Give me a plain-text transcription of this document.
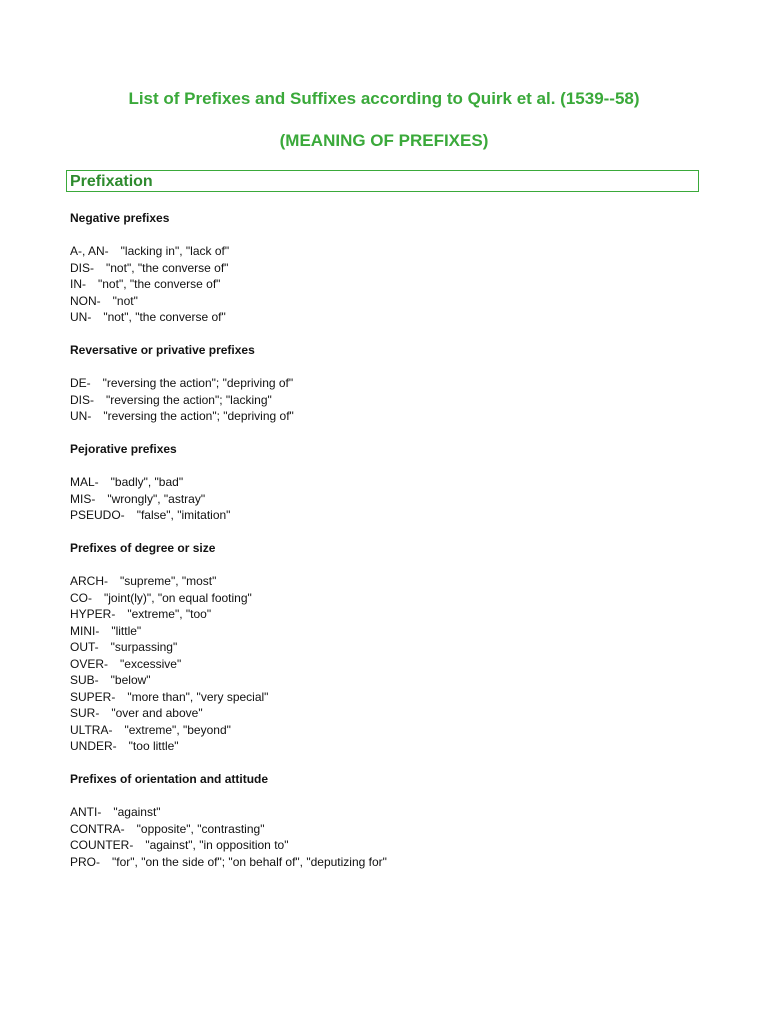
List of Prefixes and Suffixes according to Quirk et al. (1539--58)
(MEANING OF PREFIXES)
Prefixation
Negative prefixes
A-, AN- "lacking in", "lack of"
DIS- "not", "the converse of"
IN- "not", "the converse of"
NON- "not"
UN- "not", "the converse of"
Reversative or privative prefixes
DE- "reversing the action"; "depriving of"
DIS- "reversing the action"; "lacking"
UN- "reversing the action"; "depriving of"
Pejorative prefixes
MAL- "badly", "bad"
MIS- "wrongly", "astray"
PSEUDO- "false", "imitation"
Prefixes of degree or size
ARCH- "supreme", "most"
CO- "joint(ly)", "on equal footing"
HYPER- "extreme", "too"
MINI- "little"
OUT- "surpassing"
OVER- "excessive"
SUB- "below"
SUPER- "more than", "very special"
SUR- "over and above"
ULTRA- "extreme", "beyond"
UNDER- "too little"
Prefixes of orientation and attitude
ANTI- "against"
CONTRA- "opposite", "contrasting"
COUNTER- "against", "in opposition to"
PRO- "for", "on the side of"; "on behalf of", "deputizing for"
